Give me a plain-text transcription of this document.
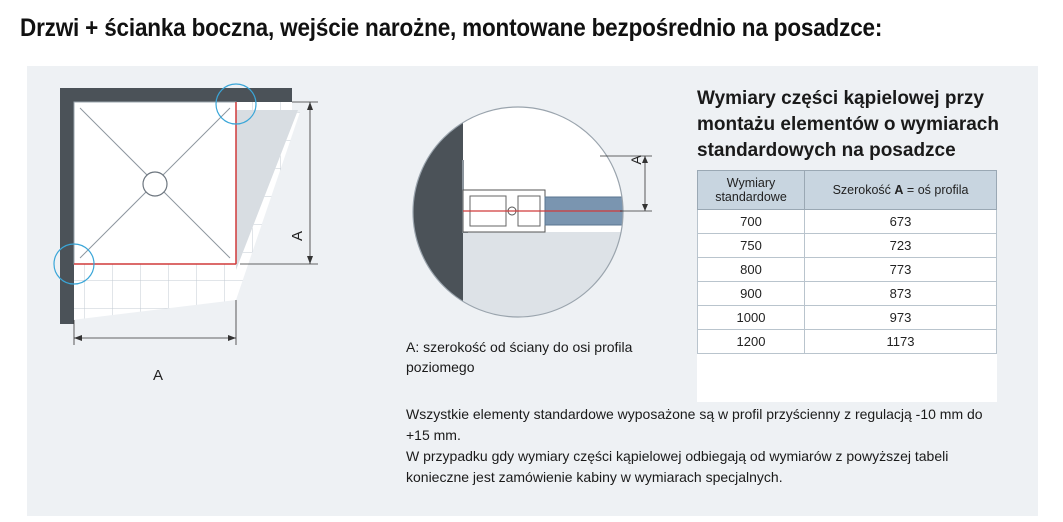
Drzwi + ścianka boczna, wejście narożne, montowane bezpośrednio na posadzce:
A
A
A
Wymiary części kąpielowej przy montażu elementów o wymiarach standardowych na posadzce
Wymiary standardowe	Szerokość A = oś profila
700	673
750	723
800	773
900	873
1000	973
1200	1173
A: szerokość od ściany do osi profila poziomego

Wszystkie elementy standardowe wyposażone są w profil przyścienny z regulacją -10 mm do +15 mm.

W przypadku gdy wymiary części kąpielowej odbiegają od wymiarów z powyższej tabeli konieczne jest zamówienie kabiny w wymiarach specjalnych.
